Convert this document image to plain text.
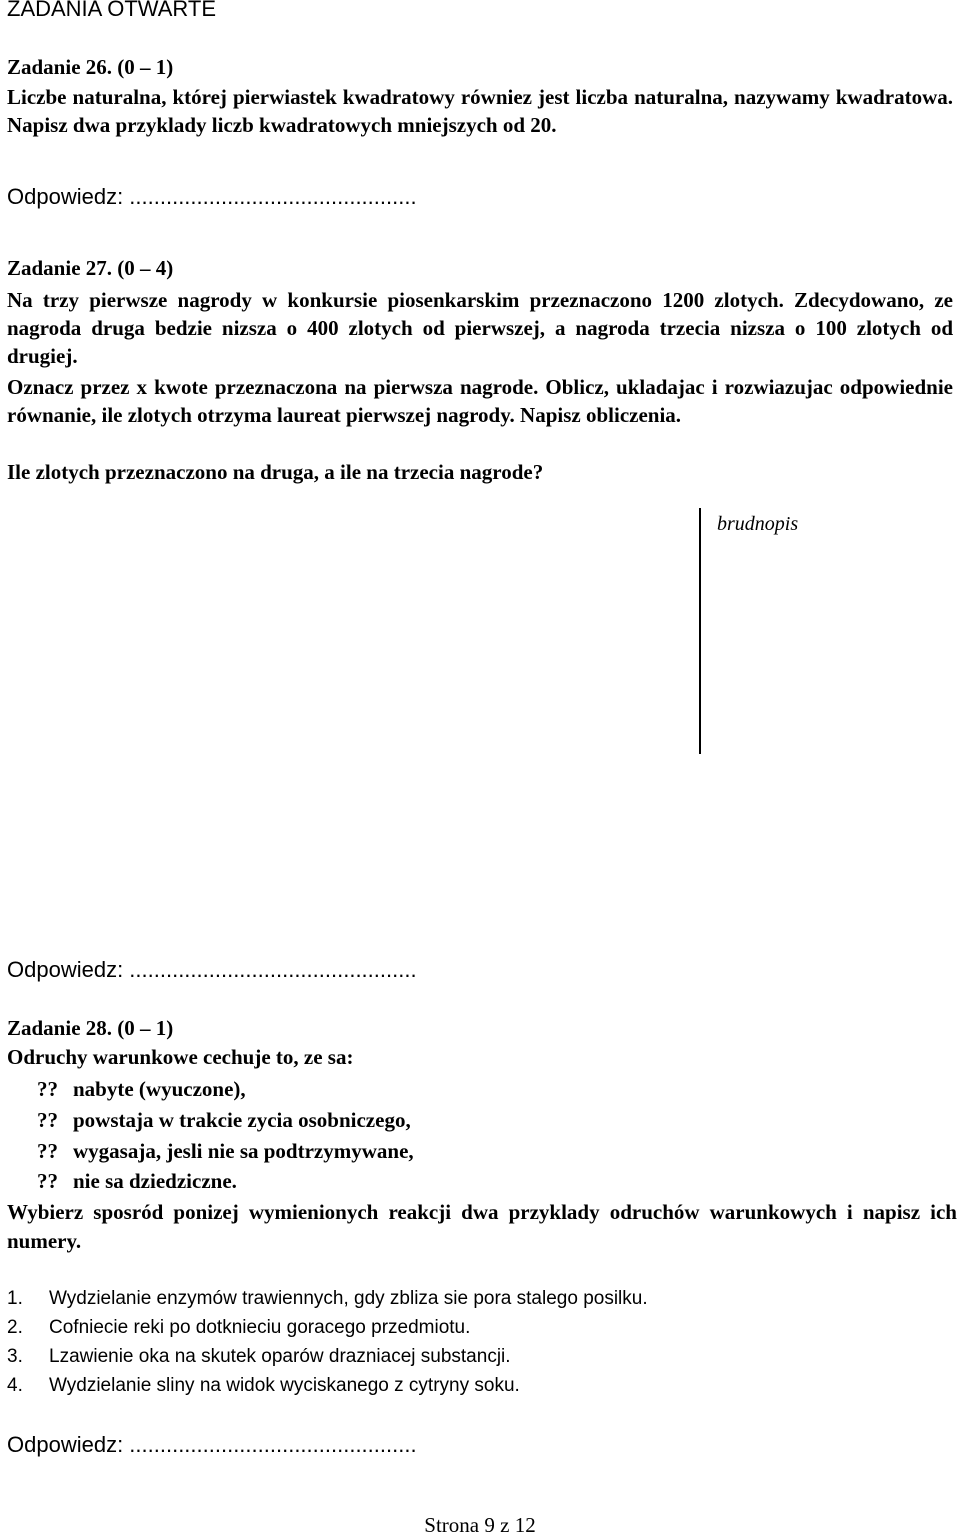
ZADANIA OTWARTE
Zadanie 26. (0 – 1)
Liczbe naturalna, której pierwiastek kwadratowy równiez jest liczba naturalna, nazywamy kwadratowa. Napisz dwa przyklady liczb kwadratowych mniejszych od 20.
Odpowiedz: ...............................................
Zadanie 27. (0 – 4)
Na trzy pierwsze nagrody w konkursie piosenkarskim przeznaczono 1200 zlotych. Zdecydowano, ze nagroda druga bedzie nizsza o 400 zlotych od pierwszej, a nagroda trzecia nizsza o 100 zlotych od drugiej.
Oznacz przez x kwote przeznaczona na pierwsza nagrode. Oblicz, ukladajac i rozwiazujac odpowiednie równanie, ile zlotych otrzyma laureat pierwszej nagrody. Napisz obliczenia.
Ile zlotych przeznaczono na druga, a ile na trzecia nagrode?
brudnopis
Odpowiedz: ...............................................
Zadanie 28. (0 – 1)
Odruchy warunkowe cechuje to, ze sa:
?? nabyte (wyuczone),
?? powstaja w trakcie zycia osobniczego,
?? wygasaja, jesli nie sa podtrzymywane,
?? nie sa dziedziczne.
Wybierz sposród ponizej wymienionych reakcji dwa przyklady odruchów warunkowych i napisz ich numery.
1. Wydzielanie enzymów trawiennych, gdy zbliza sie pora stalego posilku.
2. Cofniecie reki po dotknieciu goracego przedmiotu.
3. Lzawienie oka na skutek oparów drazniacej substancji.
4. Wydzielanie sliny na widok wyciskanego z cytryny soku.
Odpowiedz: ...............................................
Strona 9 z 12
